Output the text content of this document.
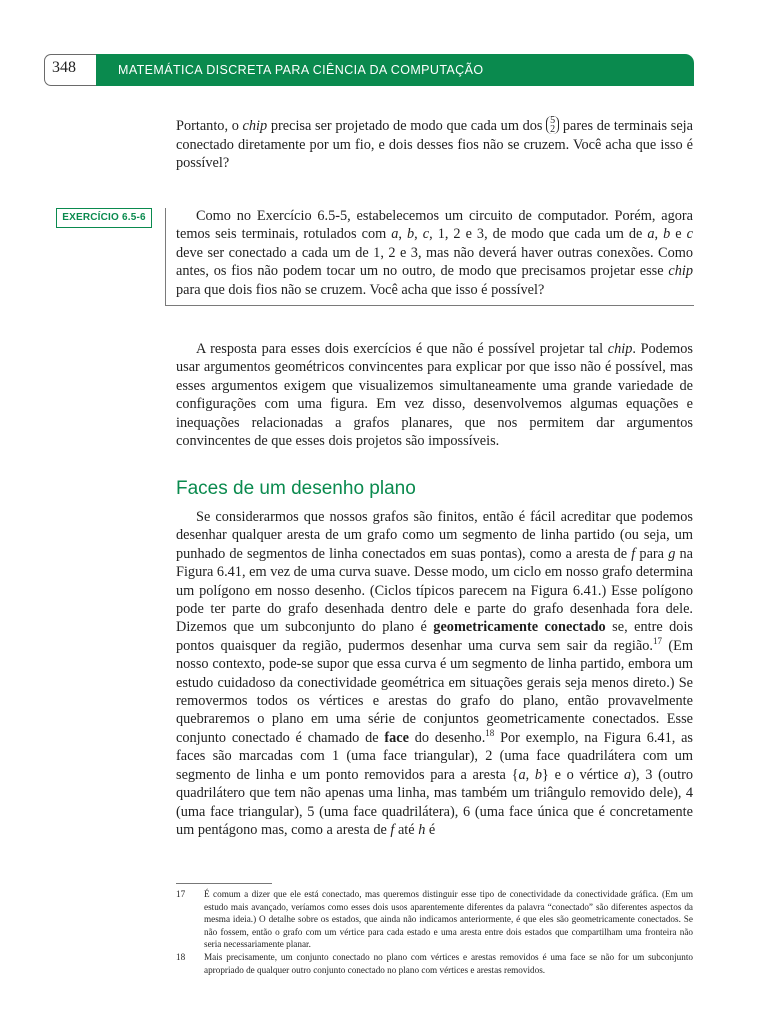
348	MATEMÁTICA DISCRETA PARA CIÊNCIA DA COMPUTAÇÃO

Portanto, o chip precisa ser projetado de modo que cada um dos 5
2 pares de terminais seja conectado diretamente por um fio, e dois desses fios não se cruzem. Você acha que isso é possível?

EXERCÍCIO 6.5-6	Como no Exercício 6.5-5, estabelecemos um circuito de computador. Porém, agora temos seis terminais, rotulados com a, b, c, 1, 2 e 3, de modo que cada um de a, b e c deve ser conectado a cada um de 1, 2 e 3, mas não deverá haver outras conexões. Como antes, os fios não podem tocar um no outro, de modo que precisamos projetar esse chip para que dois fios não se cruzem. Você acha que isso é possível?

A resposta para esses dois exercícios é que não é possível projetar tal chip. Podemos usar argumentos geométricos convincentes para explicar por que isso não é possível, mas esses argumentos exigem que visualizemos simultaneamente uma grande variedade de configurações com uma figura. Em vez disso, desenvolvemos algumas equações e inequações relacionadas a grafos planares, que nos permitem dar argumentos convincentes de que esses dois projetos são impossíveis.

Faces de um desenho plano

Se considerarmos que nossos grafos são finitos, então é fácil acreditar que podemos desenhar qualquer aresta de um grafo como um segmento de linha partido (ou seja, um punhado de segmentos de linha conectados em suas pontas), como a aresta de f para g na Figura 6.41, em vez de uma curva suave. Desse modo, um ciclo em nosso grafo determina um polígono em nosso desenho. (Ciclos típicos parecem na Figura 6.41.) Esse polígono pode ter parte do grafo desenhada dentro dele e parte do grafo desenhada fora dele. Dizemos que um subconjunto do plano é geometricamente conectado se, entre dois pontos quaisquer da região, pudermos desenhar uma curva sem sair da região.$^{17}$ (Em nosso contexto, pode-se supor que essa curva é um segmento de linha partido, embora um estudo cuidadoso da conectividade geométrica em situações gerais seja menos direto.) Se removermos todos os vértices e arestas do grafo do plano, então provavelmente quebraremos o plano em uma série de conjuntos geometricamente conectados. Esse conjunto conectado é chamado de face do desenho.$^{18}$ Por exemplo, na Figura 6.41, as faces são marcadas com 1 (uma face triangular), 2 (uma face quadrilátera com um segmento de linha e um ponto removidos para a aresta {a, b} e o vértice a), 3 (outro quadrilátero que tem não apenas uma linha, mas também um triângulo removido dele), 4 (uma face triangular), 5 (uma face quadrilátera), 6 (uma face única que é concretamente um pentágono mas, como a aresta de f até h é

17 É comum a dizer que ele está conectado, mas queremos distinguir esse tipo de conectividade da conectividade gráfica. (Em um estudo mais avançado, veríamos como esses dois usos aparentemente diferentes da palavra “conectado” são diferentes aspectos da mesma ideia.) O detalhe sobre os estados, que ainda não indicamos anteriormente, é que eles são geometricamente conectados. Se não fossem, então o grafo com um vértice para cada estado e uma aresta entre dois estados que compartilham uma fronteira não seria necessariamente planar.

18 Mais precisamente, um conjunto conectado no plano com vértices e arestas removidos é uma face se não for um subconjunto apropriado de qualquer outro conjunto conectado no plano com vértices e arestas removidos.
